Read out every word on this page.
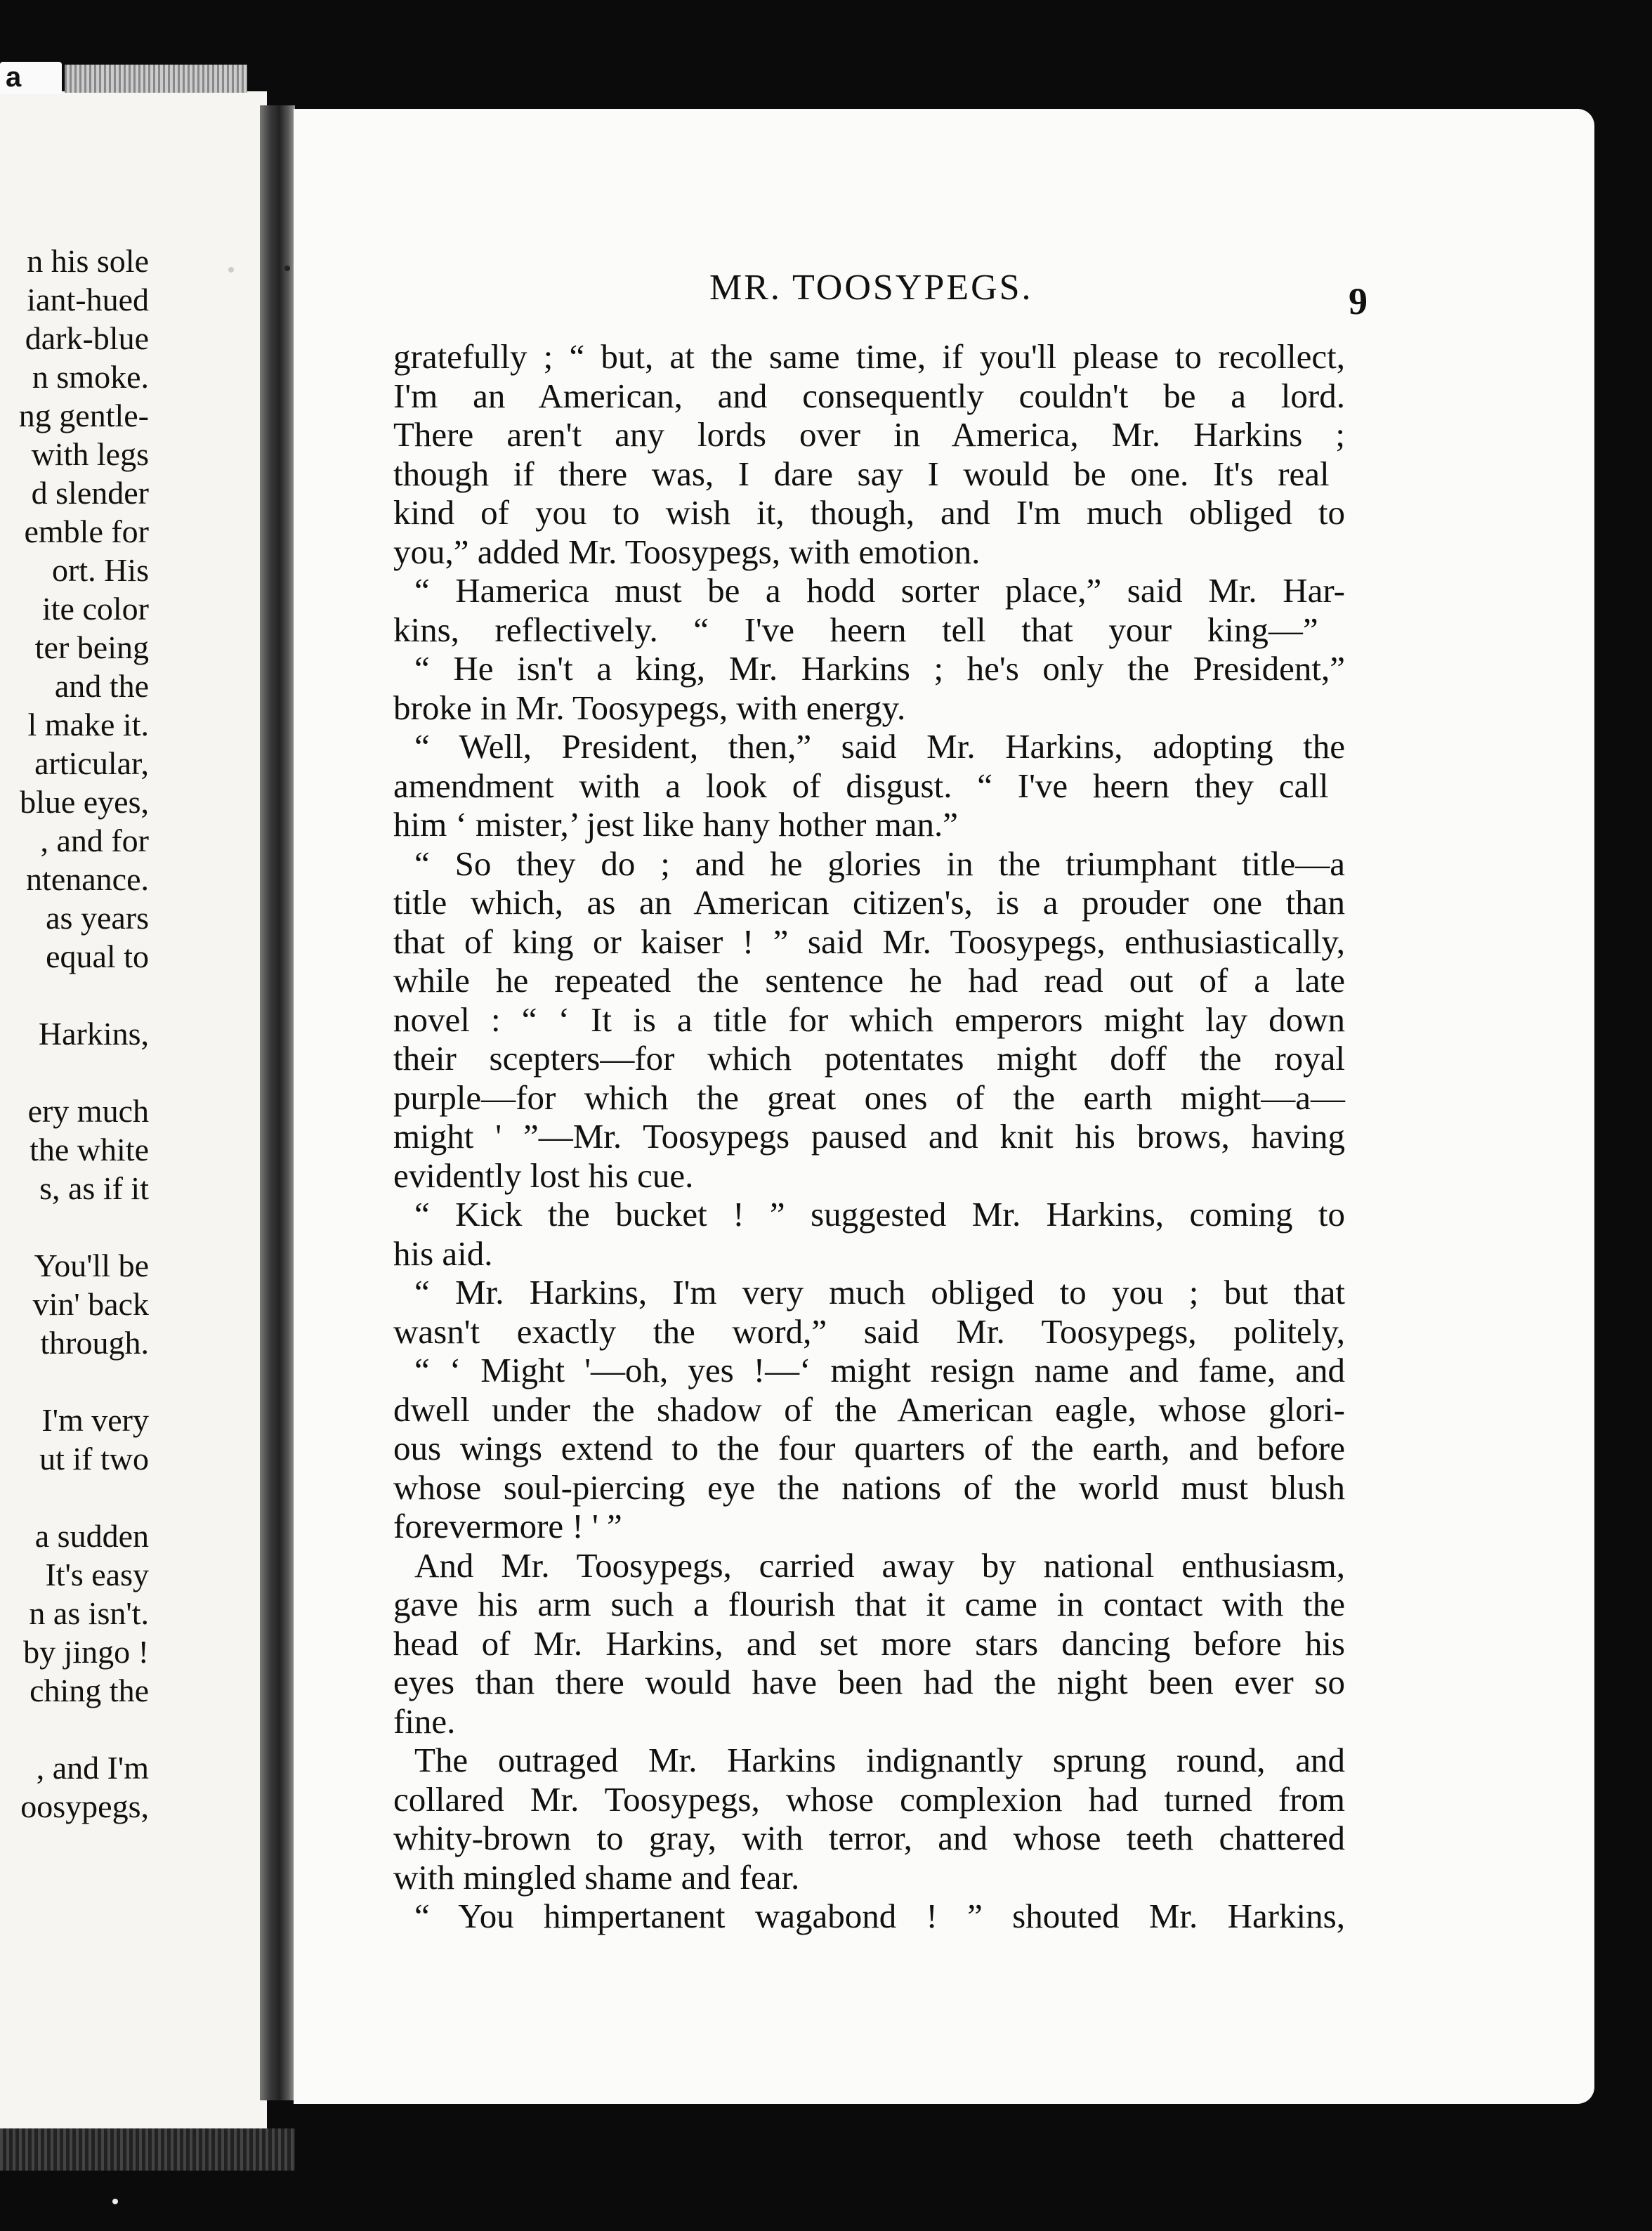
n his sole
iant-hued
dark-blue
n smoke.
ng gentle-
with legs
d slender
emble for
ort. His
ite color
ter being
and the
l make it.
articular,
blue eyes,
, and for
ntenance.
as years
equal to
Harkins,
ery much
the white
s, as if it
You'll be
vin' back
through.
I'm very
ut if two
a sudden
It's easy
n as isn't.
by jingo !
ching the
, and I'm
oosypegs,
a
MR. TOOSYPEGS.	9
gratefully ; “ but, at the same time, if you'll please to recollect,
I'm an American, and consequently couldn't be a lord.
There aren't any lords over in America, Mr. Harkins ;
though if there was, I dare say I would be one. It's real
kind of you to wish it, though, and I'm much obliged to
you,” added Mr. Toosypegs, with emotion.
“ Hamerica must be a hodd sorter place,” said Mr. Har-
kins, reflectively. “ I've heern tell that your king—”
“ He isn't a king, Mr. Harkins ; he's only the President,”
broke in Mr. Toosypegs, with energy.
“ Well, President, then,” said Mr. Harkins, adopting the
amendment with a look of disgust. “ I've heern they call
him ‘ mister,’ jest like hany hother man.”
“ So they do ; and he glories in the triumphant title—a
title which, as an American citizen's, is a prouder one than
that of king or kaiser ! ” said Mr. Toosypegs, enthusiastically,
while he repeated the sentence he had read out of a late
novel : “ ‘ It is a title for which emperors might lay down
their scepters—for which potentates might doff the royal
purple—for which the great ones of the earth might—a—
might ' ”—Mr. Toosypegs paused and knit his brows, having
evidently lost his cue.
“ Kick the bucket ! ” suggested Mr. Harkins, coming to
his aid.
“ Mr. Harkins, I'm very much obliged to you ; but that
wasn't exactly the word,” said Mr. Toosypegs, politely,
“ ‘ Might '—oh, yes !—‘ might resign name and fame, and
dwell under the shadow of the American eagle, whose glori-
ous wings extend to the four quarters of the earth, and before
whose soul-piercing eye the nations of the world must blush
forevermore ! ' ”
And Mr. Toosypegs, carried away by national enthusiasm,
gave his arm such a flourish that it came in contact with the
head of Mr. Harkins, and set more stars dancing before his
eyes than there would have been had the night been ever so
fine.
The outraged Mr. Harkins indignantly sprung round, and
collared Mr. Toosypegs, whose complexion had turned from
whity-brown to gray, with terror, and whose teeth chattered
with mingled shame and fear.
“ You himpertanent wagabond ! ” shouted Mr. Harkins,
